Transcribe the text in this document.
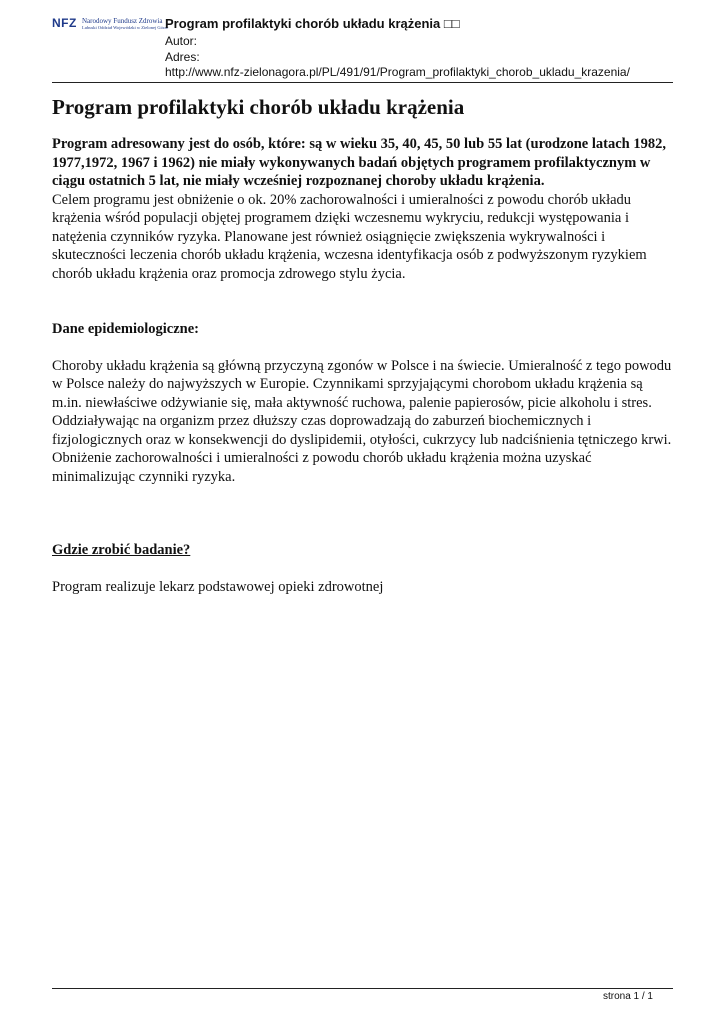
NFZ Narodowy Fundusz Zdrowia
Lubuski Oddział Wojewódzki w Zielonej Górze
Program profilaktyki chorób układu krążenia □□
Autor:
Adres:
http://www.nfz-zielonagora.pl/PL/491/91/Program_profilaktyki_chorob_ukladu_krazenia/
Program profilaktyki chorób układu krążenia

Program adresowany jest do osób, które: są w wieku 35, 40, 45, 50 lub 55 lat (urodzone latach 1982, 1977,1972, 1967 i 1962) nie miały wykonywanych badań objętych programem profilaktycznym w ciągu ostatnich 5 lat, nie miały wcześniej rozpoznanej choroby układu krążenia.

Celem programu jest obniżenie o ok. 20% zachorowalności i umieralności z powodu chorób układu krążenia wśród populacji objętej programem dzięki wczesnemu wykryciu, redukcji występowania i natężenia czynników ryzyka. Planowane jest również osiągnięcie zwiększenia wykrywalności i skuteczności leczenia chorób układu krążenia, wczesna identyfikacja osób z podwyższonym ryzykiem chorób układu krążenia oraz promocja zdrowego stylu życia.

Dane epidemiologiczne:

Choroby układu krążenia są główną przyczyną zgonów w Polsce i na świecie. Umieralność z tego powodu w Polsce należy do najwyższych w Europie. Czynnikami sprzyjającymi chorobom układu krążenia są m.in. niewłaściwe odżywianie się, mała aktywność ruchowa, palenie papierosów, picie alkoholu i stres. Oddziaływając na organizm przez dłuższy czas doprowadzają do zaburzeń biochemicznych i fizjologicznych oraz w konsekwencji do dyslipidemii, otyłości, cukrzycy lub nadciśnienia tętniczego krwi. Obniżenie zachorowalności i umieralności z powodu chorób układu krążenia można uzyskać minimalizując czynniki ryzyka.

Gdzie zrobić badanie?

Program realizuje lekarz podstawowej opieki zdrowotnej

strona 1 / 1
